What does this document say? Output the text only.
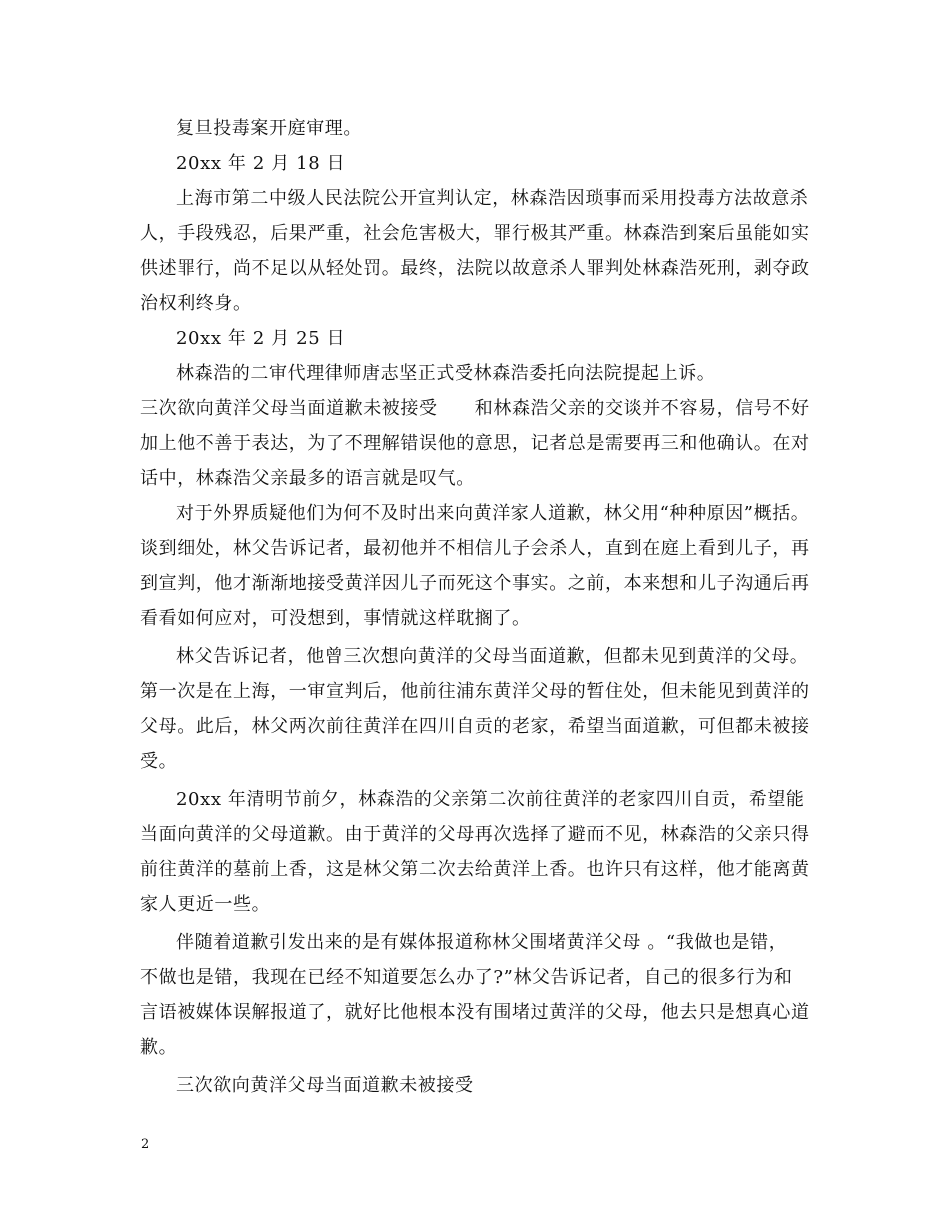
复旦投毒案开庭审理。
20xx 年 2 月 18 日
上海市第二中级人民法院公开宣判认定，林森浩因琐事而采用投毒方法故意杀
人，手段残忍，后果严重，社会危害极大，罪行极其严重。林森浩到案后虽能如实
供述罪行，尚不足以从轻处罚。最终，法院以故意杀人罪判处林森浩死刑，剥夺政
治权利终身。
20xx 年 2 月 25 日
林森浩的二审代理律师唐志坚正式受林森浩委托向法院提起上诉。
三次欲向黄洋父母当面道歉未被接受　　和林森浩父亲的交谈并不容易，信号不好
加上他不善于表达，为了不理解错误他的意思，记者总是需要再三和他确认。在对
话中，林森浩父亲最多的语言就是叹气。
对于外界质疑他们为何不及时出来向黄洋家人道歉，林父用“种种原因”概括。
谈到细处，林父告诉记者，最初他并不相信儿子会杀人，直到在庭上看到儿子，再
到宣判，他才渐渐地接受黄洋因儿子而死这个事实。之前，本来想和儿子沟通后再
看看如何应对，可没想到，事情就这样耽搁了。
林父告诉记者，他曾三次想向黄洋的父母当面道歉，但都未见到黄洋的父母。
第一次是在上海，一审宣判后，他前往浦东黄洋父母的暂住处，但未能见到黄洋的
父母。此后，林父两次前往黄洋在四川自贡的老家，希望当面道歉，可但都未被接
受。
20xx 年清明节前夕，林森浩的父亲第二次前往黄洋的老家四川自贡，希望能
当面向黄洋的父母道歉。由于黄洋的父母再次选择了避而不见，林森浩的父亲只得
前往黄洋的墓前上香，这是林父第二次去给黄洋上香。也许只有这样，他才能离黄
家人更近一些。
伴随着道歉引发出来的是有媒体报道称林父围堵黄洋父母 。“我做也是错，
不做也是错，我现在已经不知道要怎么办了?”林父告诉记者，自己的很多行为和
言语被媒体误解报道了，就好比他根本没有围堵过黄洋的父母，他去只是想真心道
歉。
三次欲向黄洋父母当面道歉未被接受
2
